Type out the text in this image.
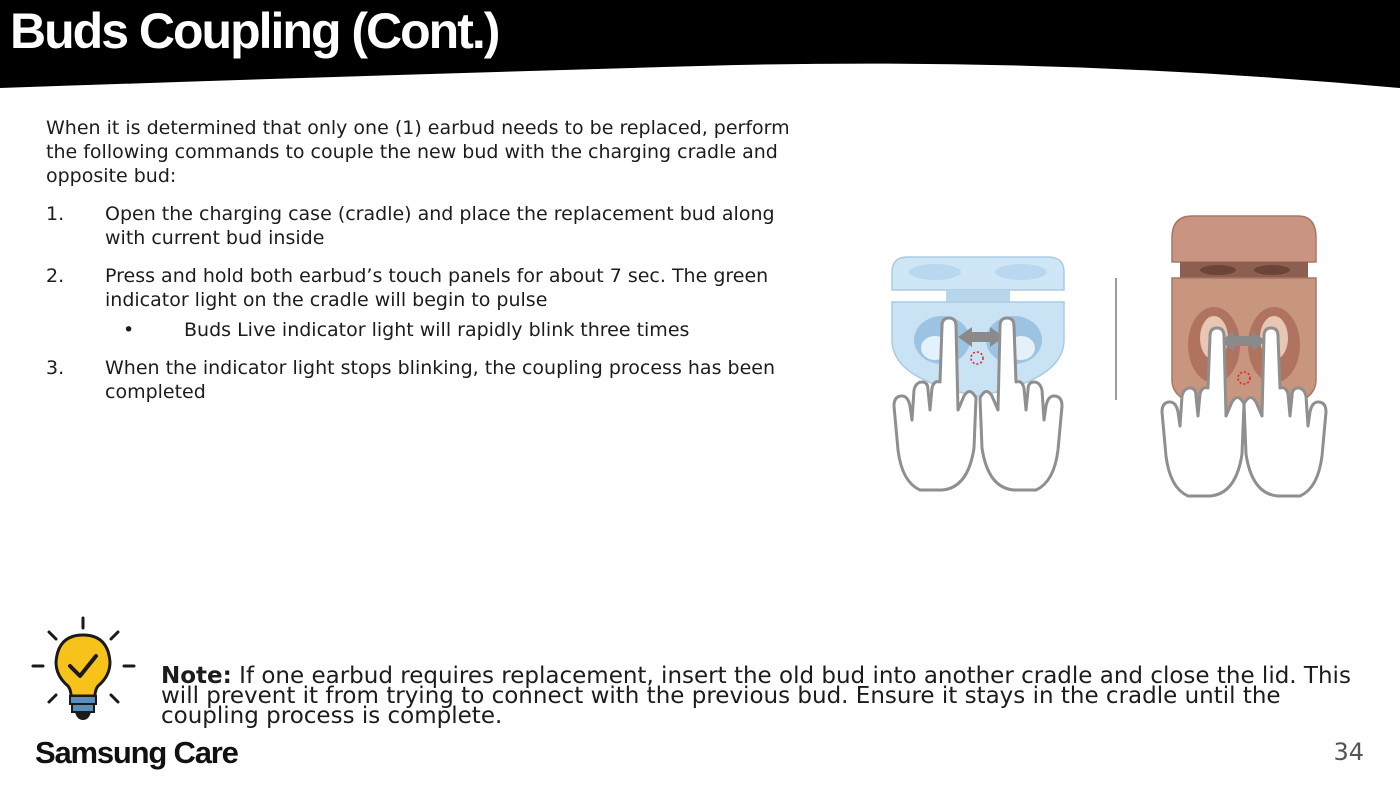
Buds Coupling (Cont.)

When it is determined that only one (1) earbud needs to be replaced, perform the following commands to couple the new bud with the charging cradle and opposite bud:

1. Open the charging case (cradle) and place the replacement bud along with current bud inside
2. Press and hold both earbud’s touch panels for about 7 sec. The green indicator light on the cradle will begin to pulse
•	Buds Live indicator light will rapidly blink three times
3. When the indicator light stops blinking, the coupling process has been completed

Note: If one earbud requires replacement, insert the old bud into another cradle and close the lid. This will prevent it from trying to connect with the previous bud. Ensure it stays in the cradle until the coupling process is complete.

Samsung Care	34
